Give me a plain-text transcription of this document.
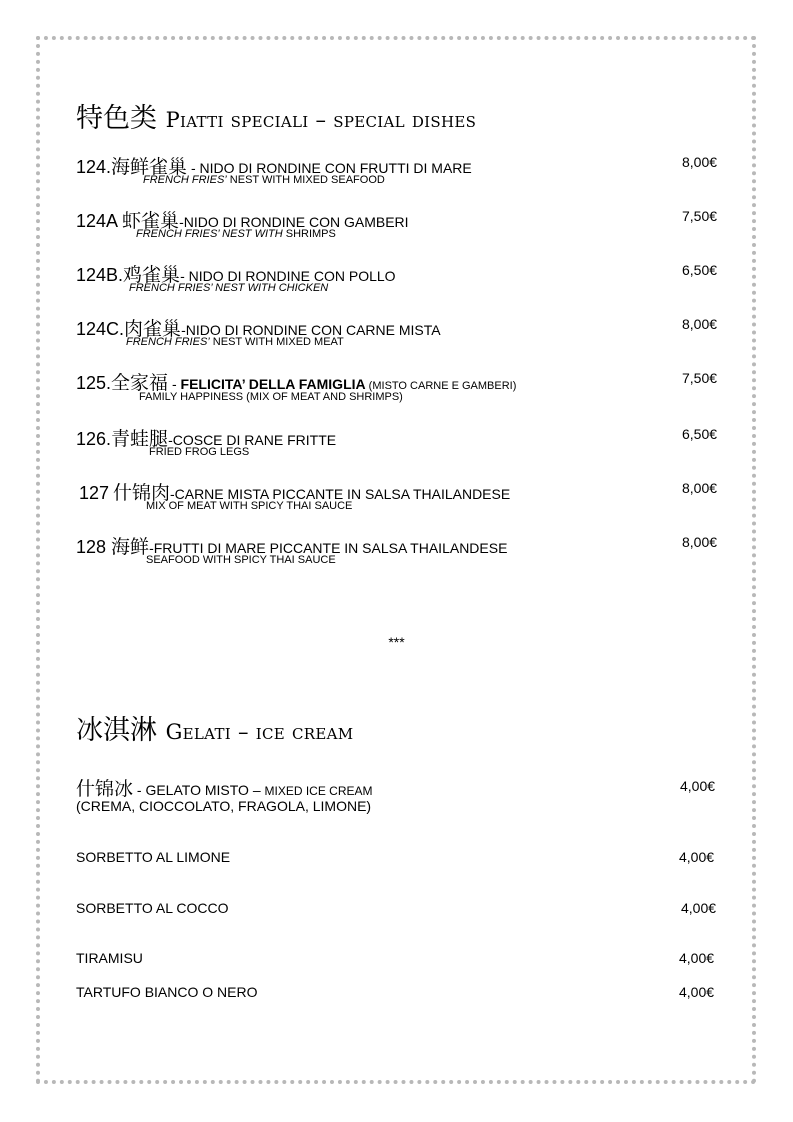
特色类 Piatti speciali – special dishes
124.海鲜雀巢 - NIDO DI RONDINE CON FRUTTI DI MARE
FRENCH FRIES’ NEST WITH MIXED SEAFOOD
8,00€
124A 虾雀巢-NIDO DI RONDINE CON GAMBERI
FRENCH FRIES’ NEST WITH SHRIMPS
7,50€
124B.鸡雀巢- NIDO DI RONDINE CON POLLO
FRENCH FRIES’ NEST WITH CHICKEN
6,50€
124C.肉雀巢-NIDO DI RONDINE CON CARNE MISTA
FRENCH FRIES’ NEST WITH MIXED MEAT
8,00€
125.全家福 - FELICITA’ DELLA FAMIGLIA (MISTO CARNE E GAMBERI)
FAMILY HAPPINESS (MIX OF MEAT AND SHRIMPS)
7,50€
126.青蛙腿-COSCE DI RANE FRITTE
FRIED FROG LEGS
6,50€
127 什锦肉-CARNE MISTA PICCANTE IN SALSA THAILANDESE
MIX OF MEAT WITH SPICY THAI SAUCE
8,00€
128 海鲜-FRUTTI DI MARE PICCANTE IN SALSA THAILANDESE
SEAFOOD WITH SPICY THAI SAUCE
8,00€
***
冰淇淋 Gelati – ice cream
什锦冰 - GELATO MISTO – MIXED ICE CREAM	4,00€
(CREMA, CIOCCOLATO, FRAGOLA, LIMONE)
SORBETTO AL LIMONE	4,00€
SORBETTO AL COCCO	4,00€
TIRAMISU	4,00€
TARTUFO BIANCO O NERO	4,00€
